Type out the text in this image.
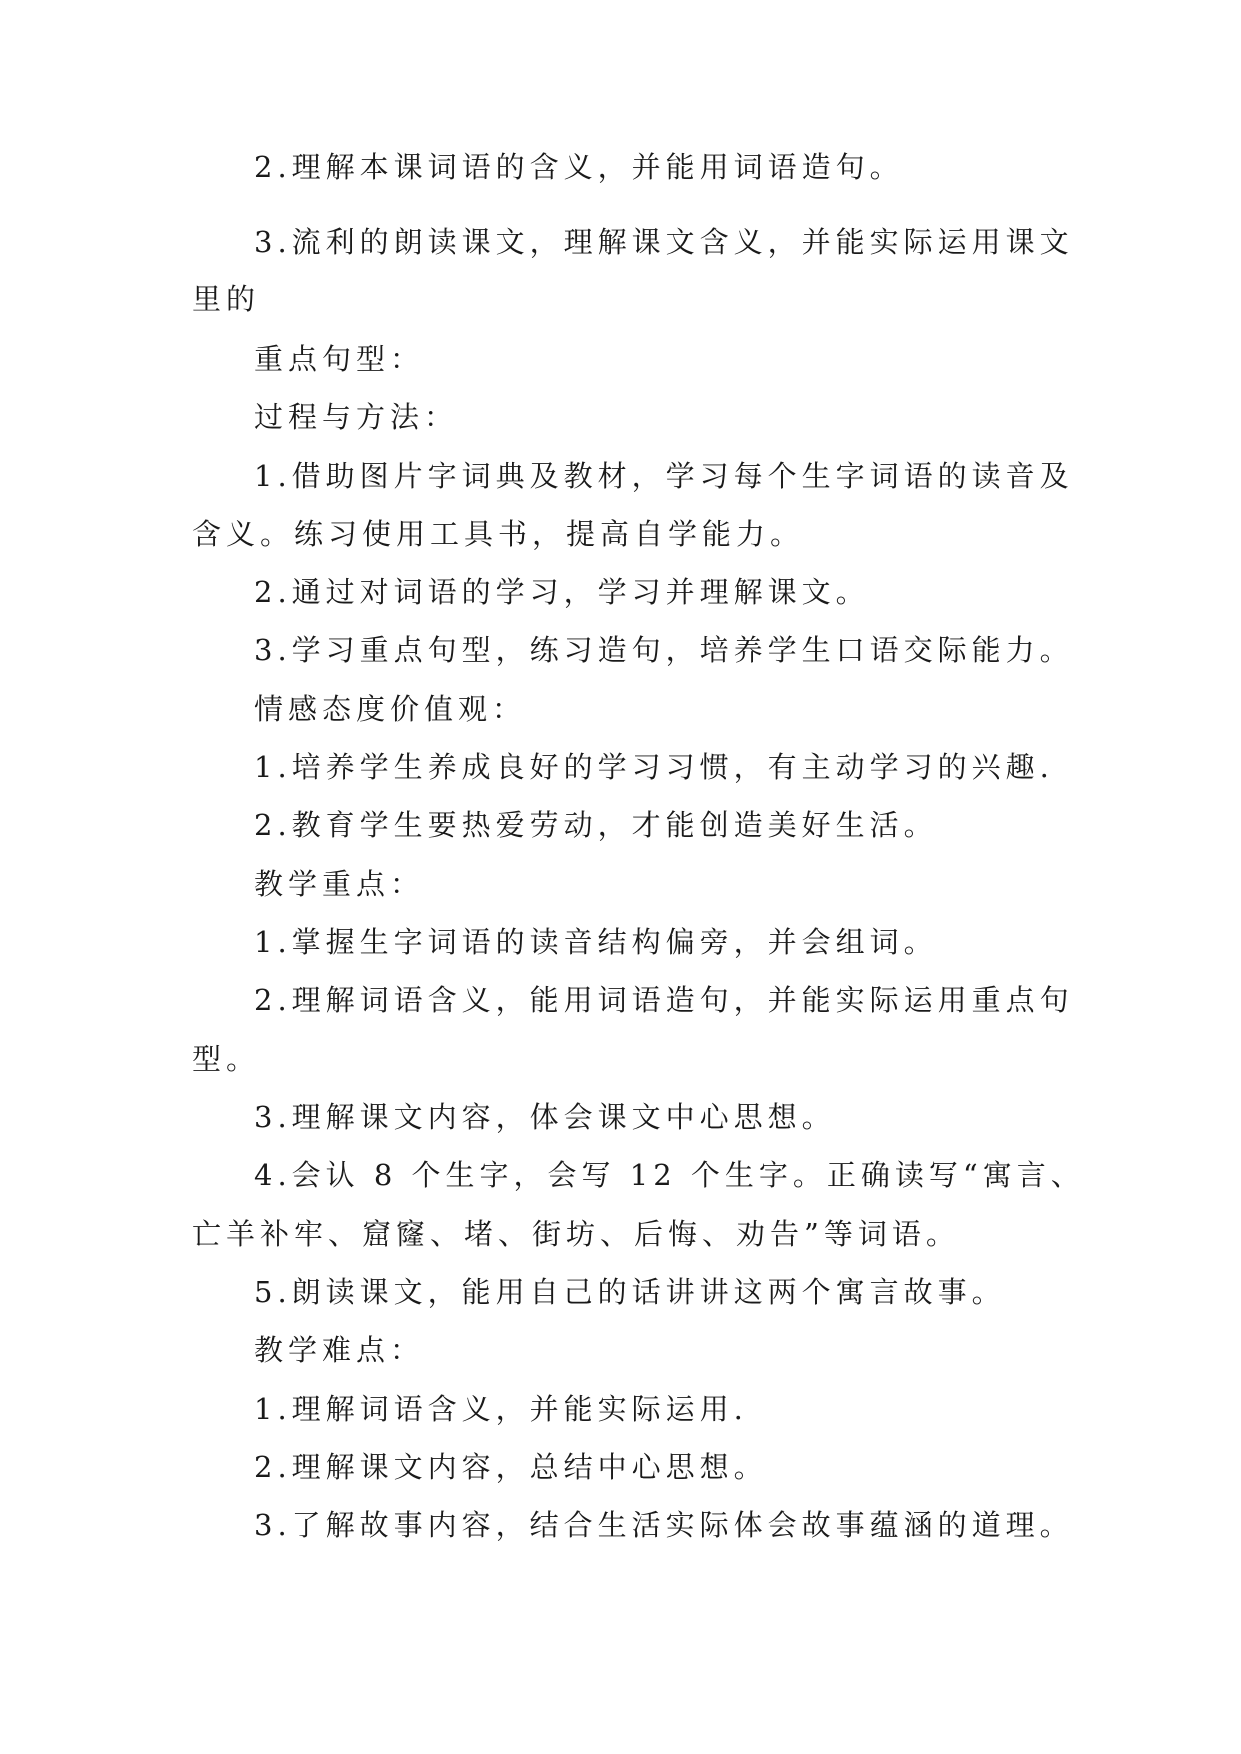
2.理解本课词语的含义，并能用词语造句。
3.流利的朗读课文，理解课文含义，并能实际运用课文
里的
重点句型：
过程与方法：
1.借助图片字词典及教材，学习每个生字词语的读音及
含义。练习使用工具书，提高自学能力。
2.通过对词语的学习，学习并理解课文。
3.学习重点句型，练习造句，培养学生口语交际能力。
情感态度价值观：
1.培养学生养成良好的学习习惯，有主动学习的兴趣.
2.教育学生要热爱劳动，才能创造美好生活。
教学重点：
1.掌握生字词语的读音结构偏旁，并会组词。
2.理解词语含义，能用词语造句，并能实际运用重点句
型。
3.理解课文内容，体会课文中心思想。
4.会认 8 个生字，会写 12 个生字。正确读写“寓言、
亡羊补牢、窟窿、堵、街坊、后悔、劝告”等词语。
5.朗读课文，能用自己的话讲讲这两个寓言故事。
教学难点：
1.理解词语含义，并能实际运用.
2.理解课文内容，总结中心思想。
3.了解故事内容，结合生活实际体会故事蕴涵的道理。
